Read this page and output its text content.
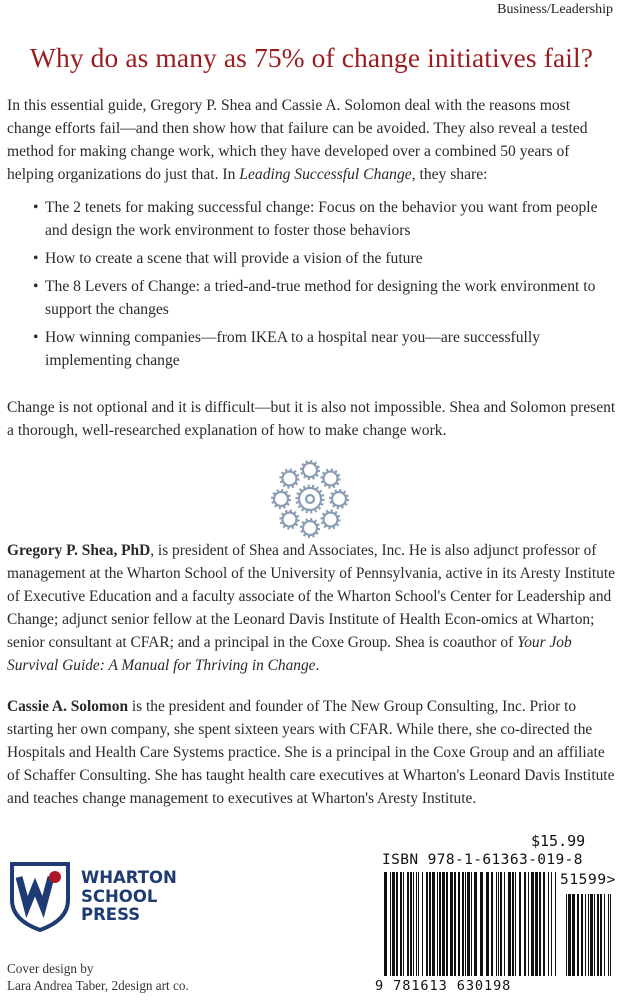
Business/Leadership
Why do as many as 75% of change initiatives fail?

In this essential guide, Gregory P. Shea and Cassie A. Solomon deal with the reasons most change efforts fail—and then show how that failure can be avoided. They also reveal a tested method for making change work, which they have developed over a combined 50 years of helping organizations do just that. In Leading Successful Change, they share:

• The 2 tenets for making successful change: Focus on the behavior you want from people and design the work environment to foster those behaviors
• How to create a scene that will provide a vision of the future
• The 8 Levers of Change: a tried-and-true method for designing the work environment to support the changes
• How winning companies—from IKEA to a hospital near you—are successfully implementing change

Change is not optional and it is difficult—but it is also not impossible. Shea and Solomon present a thorough, well-researched explanation of how to make change work.

Gregory P. Shea, PhD, is president of Shea and Associates, Inc. He is also adjunct professor of management at the Wharton School of the University of Pennsylvania, active in its Aresty Institute of Executive Education and a faculty associate of the Wharton School's Center for Leadership and Change; adjunct senior fellow at the Leonard Davis Institute of Health Econ-omics at Wharton; senior consultant at CFAR; and a principal in the Coxe Group. Shea is coauthor of Your Job Survival Guide: A Manual for Thriving in Change.

Cassie A. Solomon is the president and founder of The New Group Consulting, Inc. Prior to starting her own company, she spent sixteen years with CFAR. While there, she co-directed the Hospitals and Health Care Systems practice. She is a principal in the Coxe Group and an affiliate of Schaffer Consulting. She has taught health care executives at Wharton's Leonard Davis Institute and teaches change management to executives at Wharton's Aresty Institute.

WHARTON
SCHOOL
PRESS
Cover design by
Lara Andrea Taber, 2design art co.
$15.99
ISBN 978-1-61363-019-8
51599>
9 781613 630198
